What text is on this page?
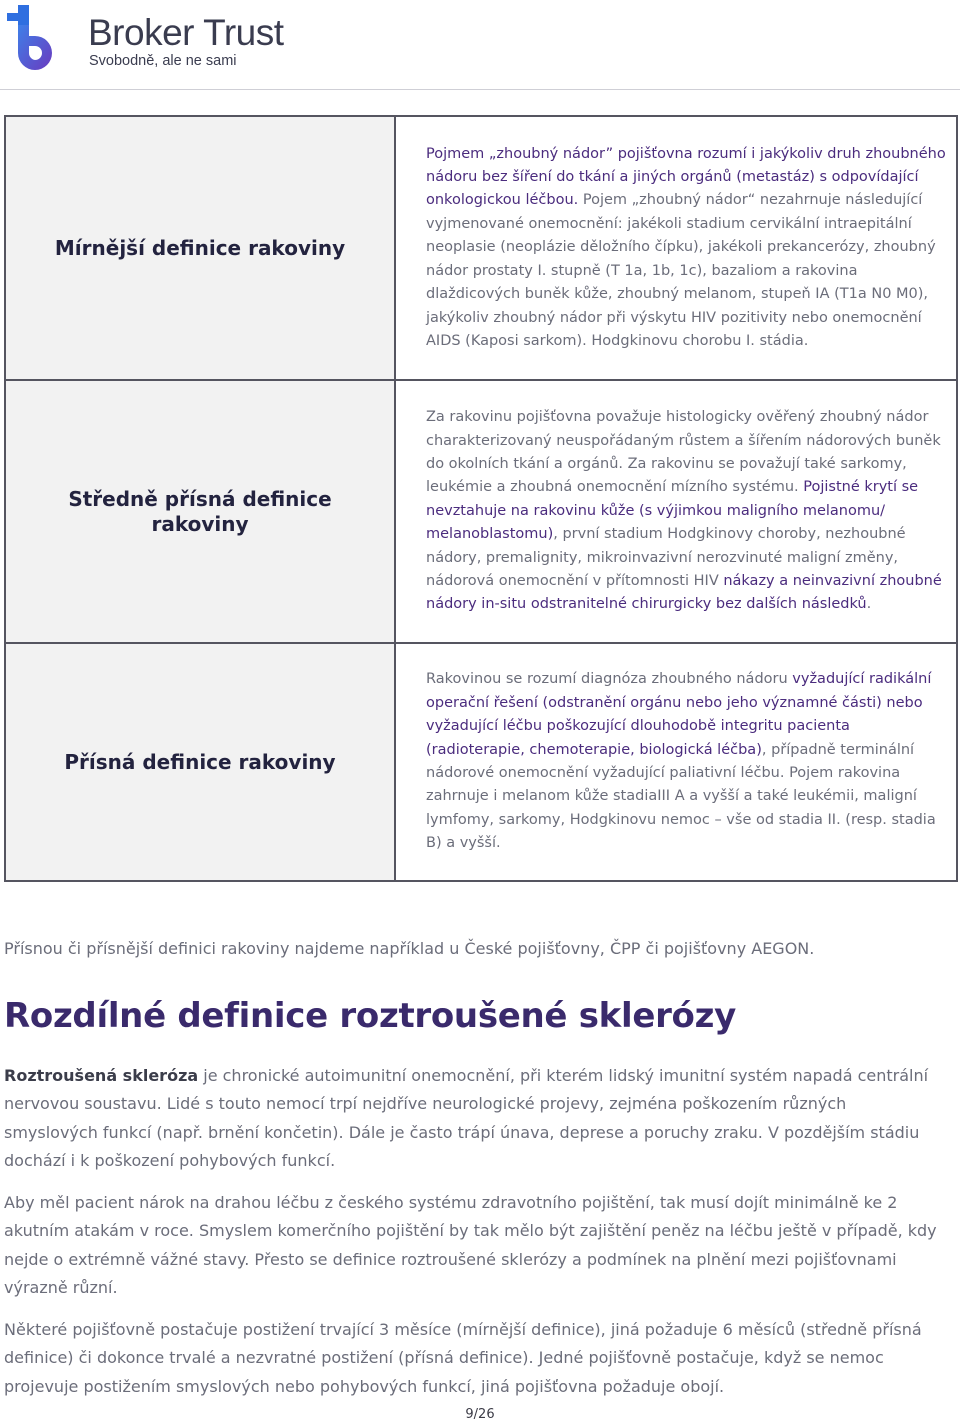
Broker Trust
Svobodně, ale ne sami
Mírnější definice rakoviny	Pojmem „zhoubný nádor” pojišťovna rozumí i jakýkoliv druh zhoubného nádoru bez šíření do tkání a jiných orgánů (metastáz) s odpovídající onkologickou léčbou. Pojem „zhoubný nádor“ nezahrnuje následující vyjmenované onemocnění: jakékoli stadium cervikální intraepitální neoplasie (neoplázie děložního čípku), jakékoli prekancerózy, zhoubný nádor prostaty I. stupně (T 1a, 1b, 1c), bazaliom a rakovina dlaždicových buněk kůže, zhoubný melanom, stupeň IA (T1a N0 M0), jakýkoliv zhoubný nádor při výskytu HIV pozitivity nebo onemocnění AIDS (Kaposi sarkom). Hodgkinovu chorobu I. stádia.
Středně přísná definice rakoviny	Za rakovinu pojišťovna považuje histologicky ověřený zhoubný nádor charakterizovaný neuspořádaným růstem a šířením nádorových buněk do okolních tkání a orgánů. Za rakovinu se považují také sarkomy, leukémie a zhoubná onemocnění mízního systému. Pojistné krytí se nevztahuje na rakovinu kůže (s výjimkou maligního melanomu/ melanoblastomu), první stadium Hodgkinovy choroby, nezhoubné nádory, premalignity, mikroinvazivní nerozvinuté maligní změny, nádorová onemocnění v přítomnosti HIV nákazy a neinvazivní zhoubné nádory in-situ odstranitelné chirurgicky bez dalších následků.
Přísná definice rakoviny	Rakovinou se rozumí diagnóza zhoubného nádoru vyžadující radikální operační řešení (odstranění orgánu nebo jeho významné části) nebo vyžadující léčbu poškozující dlouhodobě integritu pacienta (radioterapie, chemoterapie, biologická léčba), případně terminální nádorové onemocnění vyžadující paliativní léčbu. Pojem rakovina zahrnuje i melanom kůže stadiaIII A a vyšší a také leukémii, maligní lymfomy, sarkomy, Hodgkinovu nemoc – vše od stadia II. (resp. stadia B) a vyšší.

Přísnou či přísnější definici rakoviny najdeme například u České pojišťovny, ČPP či pojišťovny AEGON.

Rozdílné definice roztroušené sklerózy

Roztroušená skleróza je chronické autoimunitní onemocnění, při kterém lidský imunitní systém napadá centrální nervovou soustavu. Lidé s touto nemocí trpí nejdříve neurologické projevy, zejména poškozením různých smyslových funkcí (např. brnění končetin). Dále je často trápí únava, deprese a poruchy zraku. V pozdějším stádiu dochází i k poškození pohybových funkcí.

Aby měl pacient nárok na drahou léčbu z českého systému zdravotního pojištění, tak musí dojít minimálně ke 2 akutním atakám v roce. Smyslem komerčního pojištění by tak mělo být zajištění peněz na léčbu ještě v případě, kdy nejde o extrémně vážné stavy. Přesto se definice roztroušené sklerózy a podmínek na plnění mezi pojišťovnami výrazně různí.

Některé pojišťovně postačuje postižení trvající 3 měsíce (mírnější definice), jiná požaduje 6 měsíců (středně přísná definice) či dokonce trvalé a nezvratné postižení (přísná definice). Jedné pojišťovně postačuje, když se nemoc projevuje postižením smyslových nebo pohybových funkcí, jiná pojišťovna požaduje obojí.

9/26
